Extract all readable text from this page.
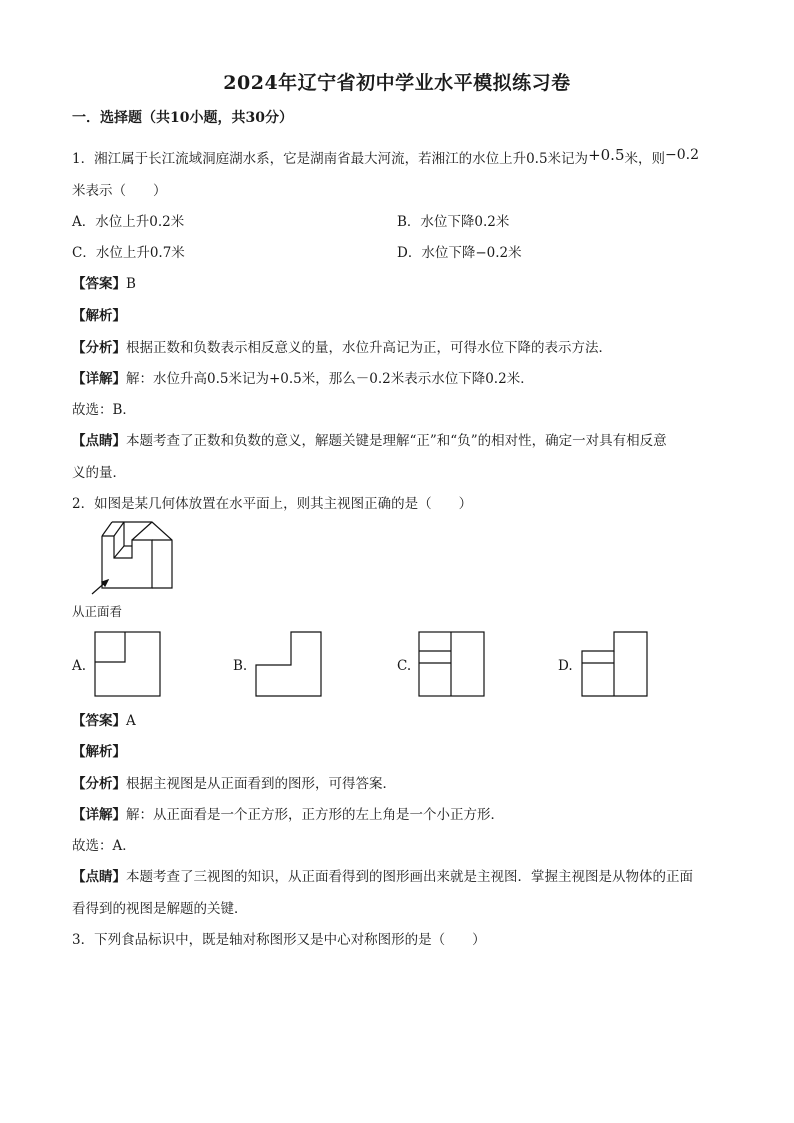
2024年辽宁省初中学业水平模拟练习卷
一．选择题（共10小题，共30分）
1．湘江属于长江流域洞庭湖水系，它是湖南省最大河流，若湘江的水位上升0.5米记为+0.5米，则−0.2
米表示（　　）
A．水位上升0.2米	B．水位下降0.2米
C．水位上升0.7米	D．水位下降−0.2米
【答案】B
【解析】
【分析】根据正数和负数表示相反意义的量，水位升高记为正，可得水位下降的表示方法．
【详解】解：水位升高0.5米记为+0.5米，那么－0.2米表示水位下降0.2米．
故选：B．
【点睛】本题考查了正数和负数的意义，解题关键是理解“正”和“负”的相对性，确定一对具有相反意
义的量．
2．如图是某几何体放置在水平面上，则其主视图正确的是（　　）
从正面看
A.	B.	C.	D.
【答案】A
【解析】
【分析】根据主视图是从正面看到的图形，可得答案．
【详解】解：从正面看是一个正方形，正方形的左上角是一个小正方形．
故选：A．
【点睛】本题考查了三视图的知识，从正面看得到的图形画出来就是主视图．掌握主视图是从物体的正面
看得到的视图是解题的关键．
3．下列食品标识中，既是轴对称图形又是中心对称图形的是（　　）
